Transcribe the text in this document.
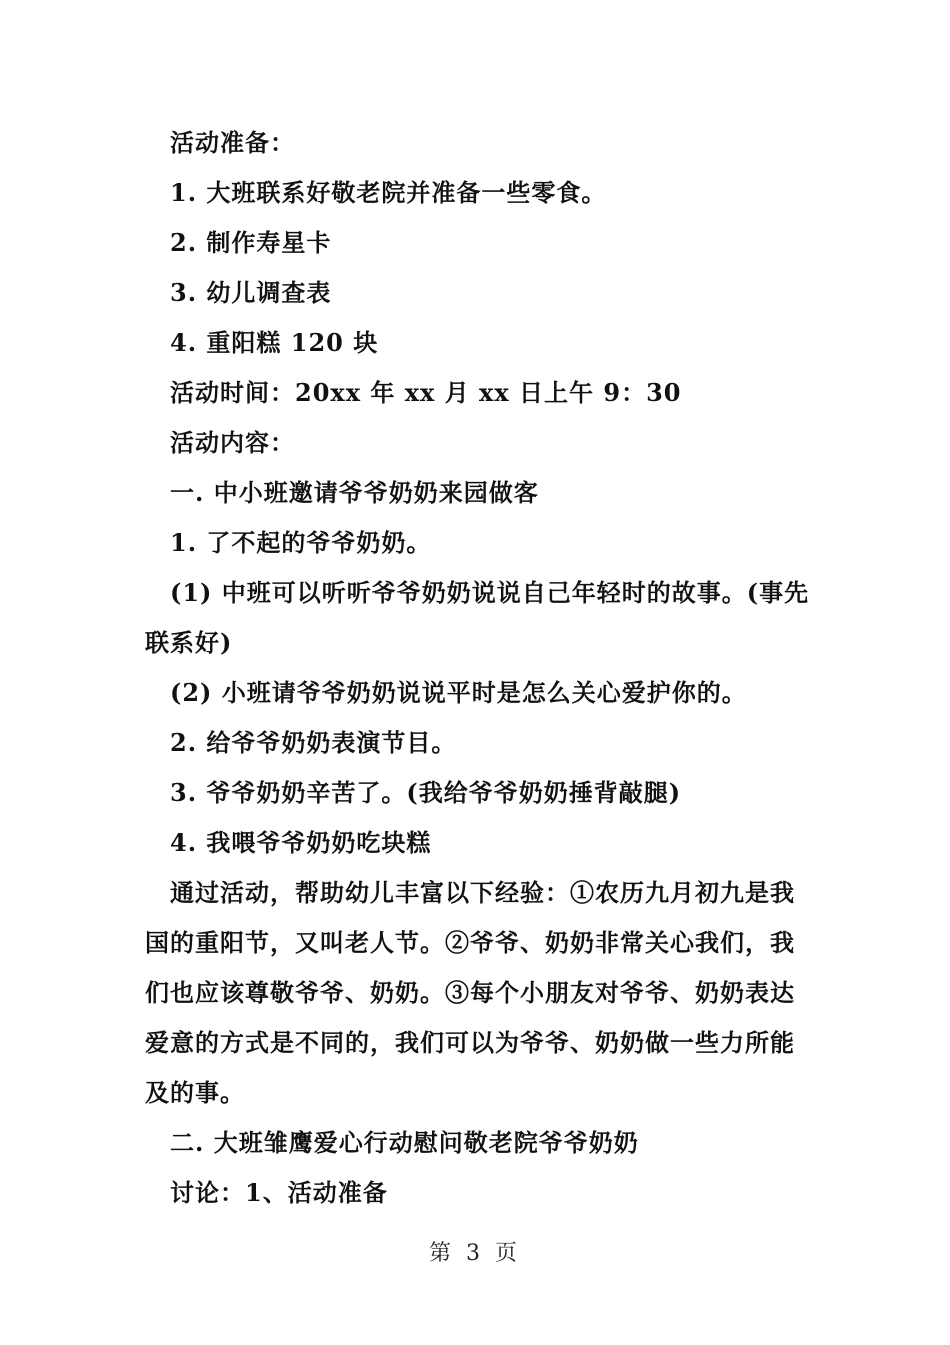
活动准备：
1. 大班联系好敬老院并准备一些零食。
2. 制作寿星卡
3. 幼儿调查表
4. 重阳糕 120 块
活动时间：20xx 年 xx 月 xx 日上午 9：30
活动内容：
一. 中小班邀请爷爷奶奶来园做客
1. 了不起的爷爷奶奶。
(1) 中班可以听听爷爷奶奶说说自己年轻时的故事。(事先联系好)
(2) 小班请爷爷奶奶说说平时是怎么关心爱护你的。
2. 给爷爷奶奶表演节目。
3. 爷爷奶奶辛苦了。(我给爷爷奶奶捶背敲腿)
4. 我喂爷爷奶奶吃块糕
通过活动，帮助幼儿丰富以下经验：①农历九月初九是我国的重阳节，又叫老人节。②爷爷、奶奶非常关心我们，我们也应该尊敬爷爷、奶奶。③每个小朋友对爷爷、奶奶表达爱意的方式是不同的，我们可以为爷爷、奶奶做一些力所能及的事。
二. 大班雏鹰爱心行动慰问敬老院爷爷奶奶
讨论：1、活动准备
第 3 页
